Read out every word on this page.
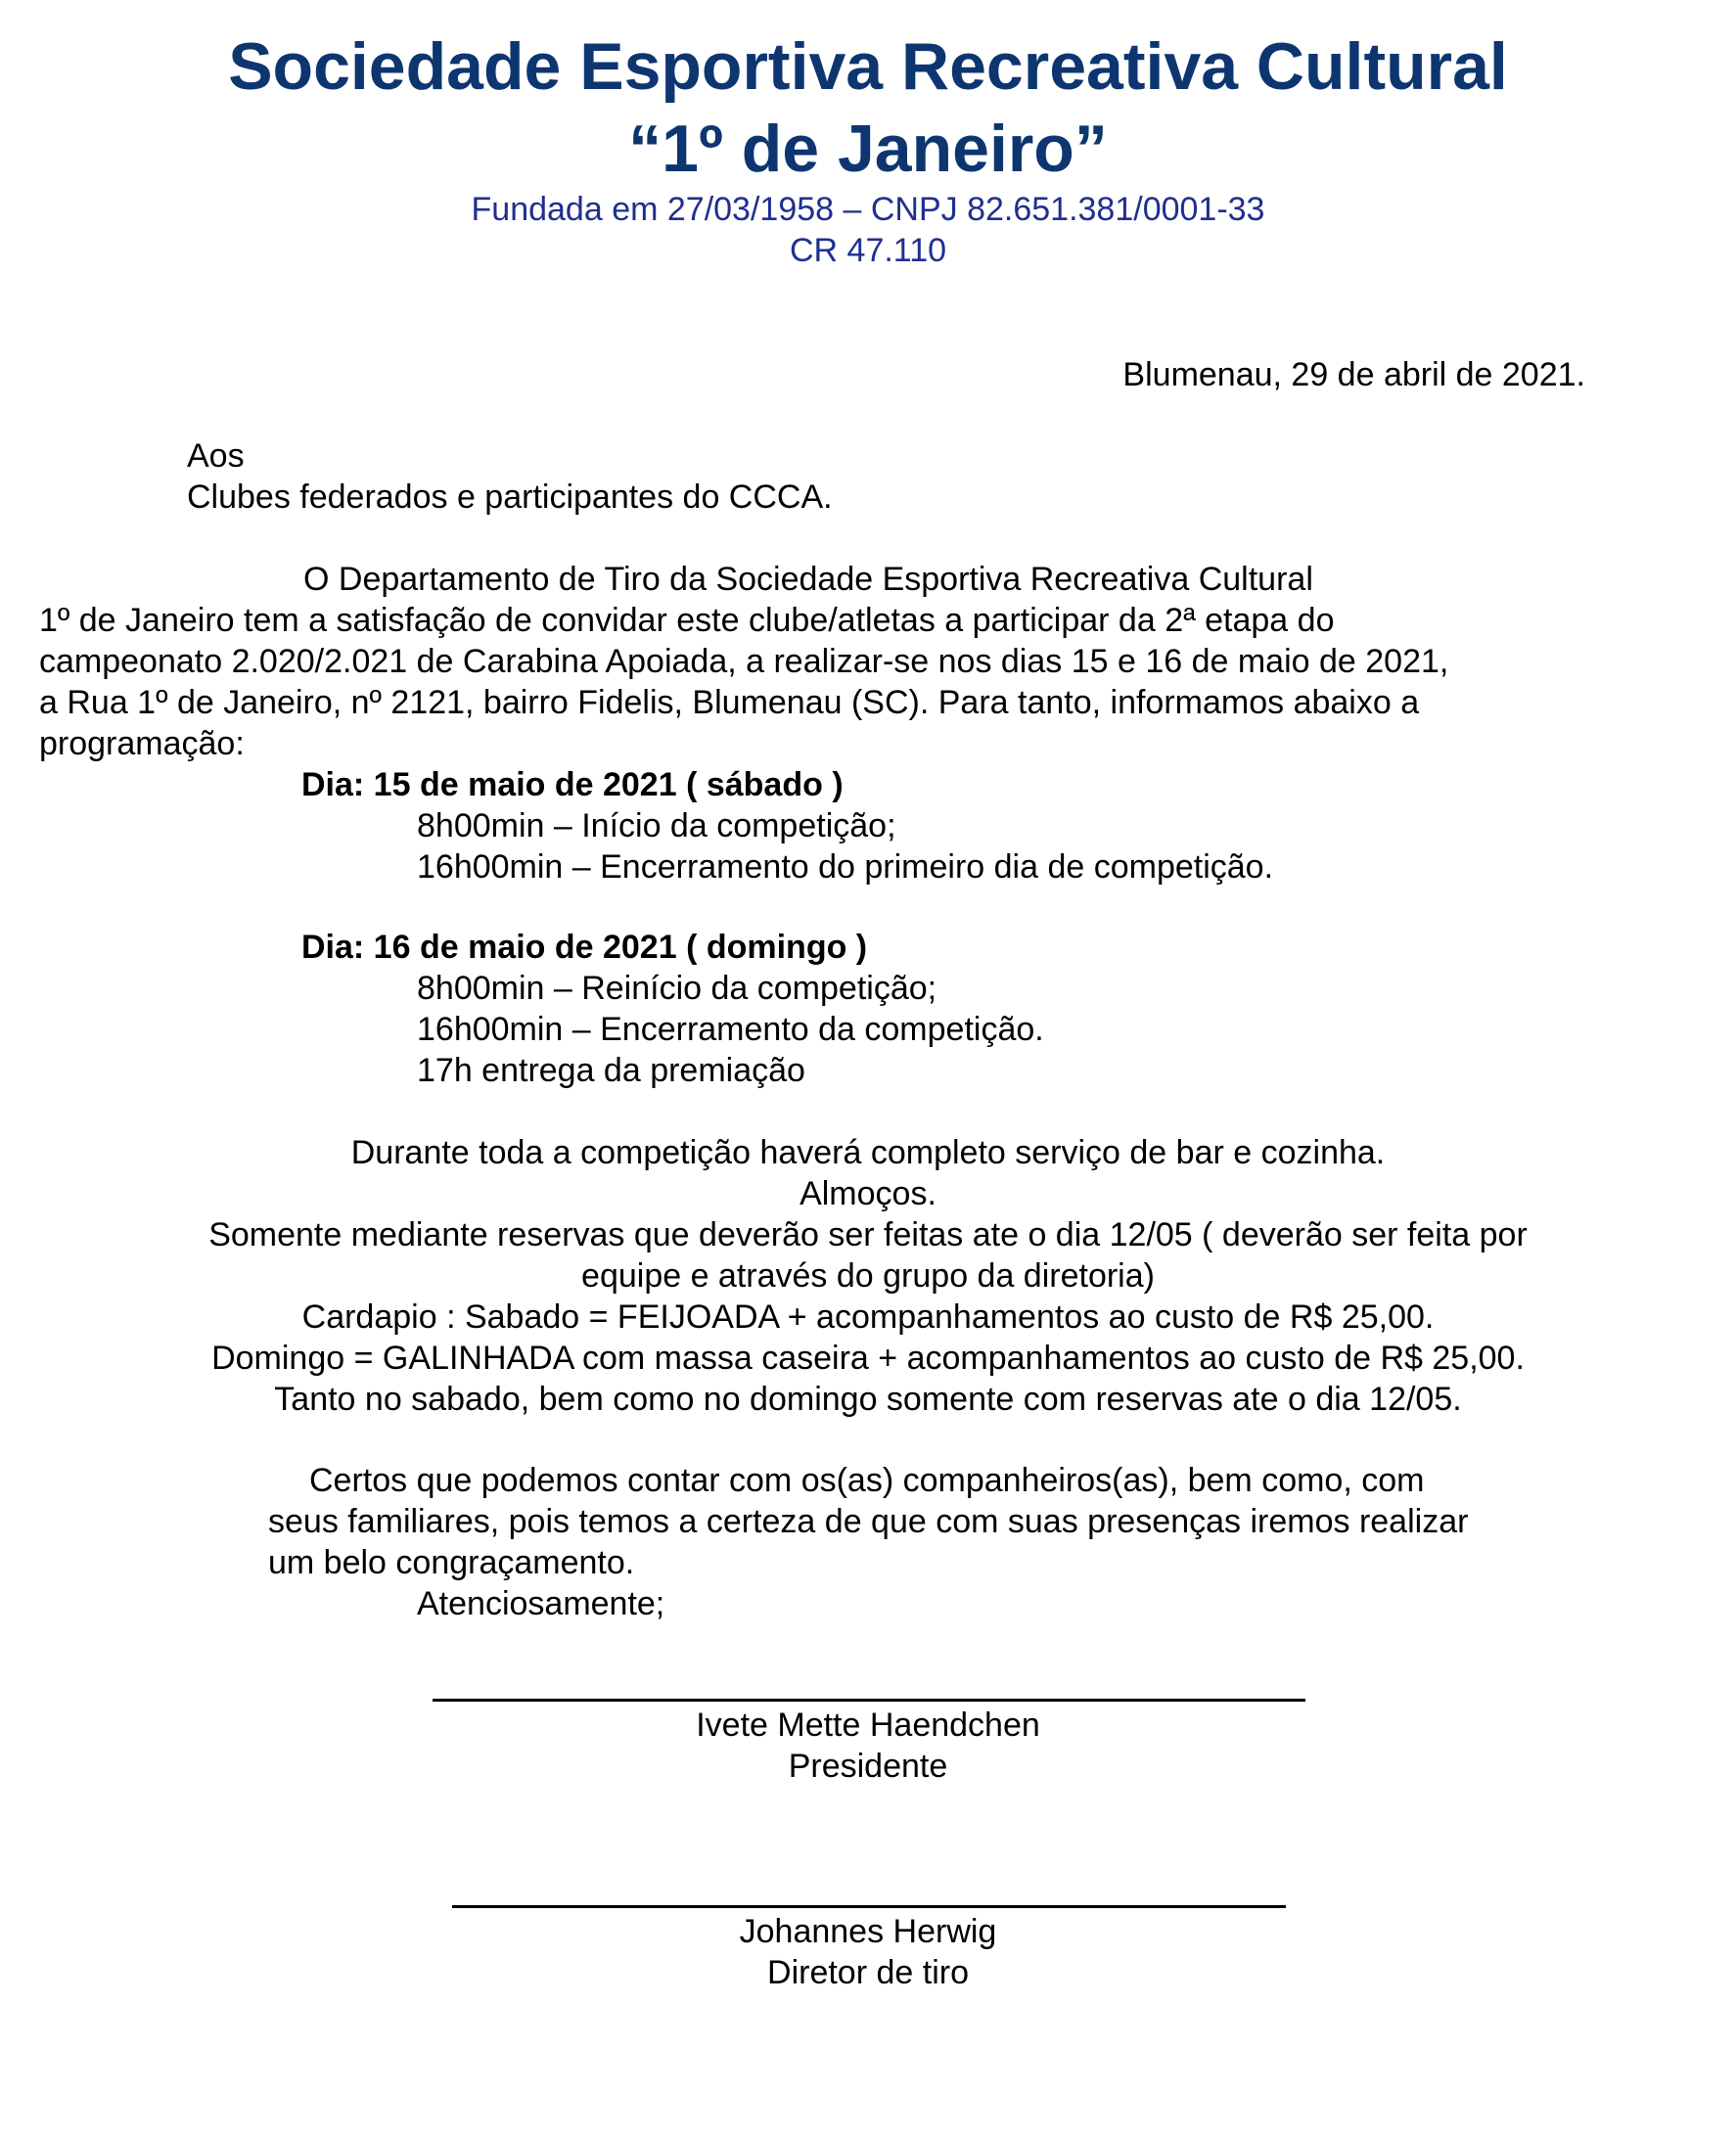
Sociedade Esportiva Recreativa Cultural
“1º de Janeiro”
Fundada em 27/03/1958 – CNPJ 82.651.381/0001-33
CR 47.110
Blumenau, 29 de abril de 2021.
Aos
Clubes federados e participantes do CCCA.
O Departamento de Tiro da Sociedade Esportiva Recreativa Cultural
1º de Janeiro tem a satisfação de convidar este clube/atletas a participar da 2ª etapa do
campeonato 2.020/2.021 de Carabina Apoiada, a realizar-se nos dias 15 e 16 de maio de 2021,
a Rua 1º de Janeiro, nº 2121, bairro Fidelis, Blumenau (SC). Para tanto, informamos abaixo a
programação:
Dia: 15 de maio de 2021 ( sábado )
8h00min – Início da competição;
16h00min – Encerramento do primeiro dia de competição.
Dia: 16 de maio de 2021 ( domingo )
8h00min – Reinício da competição;
16h00min – Encerramento da competição.
17h entrega da premiação
Durante toda a competição haverá completo serviço de bar e cozinha.
Almoços.
Somente mediante reservas que deverão ser feitas ate o dia 12/05 ( deverão ser feita por
equipe e através do grupo da diretoria)
Cardapio : Sabado = FEIJOADA + acompanhamentos ao custo de R$ 25,00.
Domingo = GALINHADA com massa caseira + acompanhamentos ao custo de R$ 25,00.
Tanto no sabado, bem como no domingo somente com reservas ate o dia 12/05.
Certos que podemos contar com os(as) companheiros(as), bem como, com
seus familiares, pois temos a certeza de que com suas presenças iremos realizar
um belo congraçamento.
Atenciosamente;
Ivete Mette Haendchen
Presidente
Johannes Herwig
Diretor de tiro
